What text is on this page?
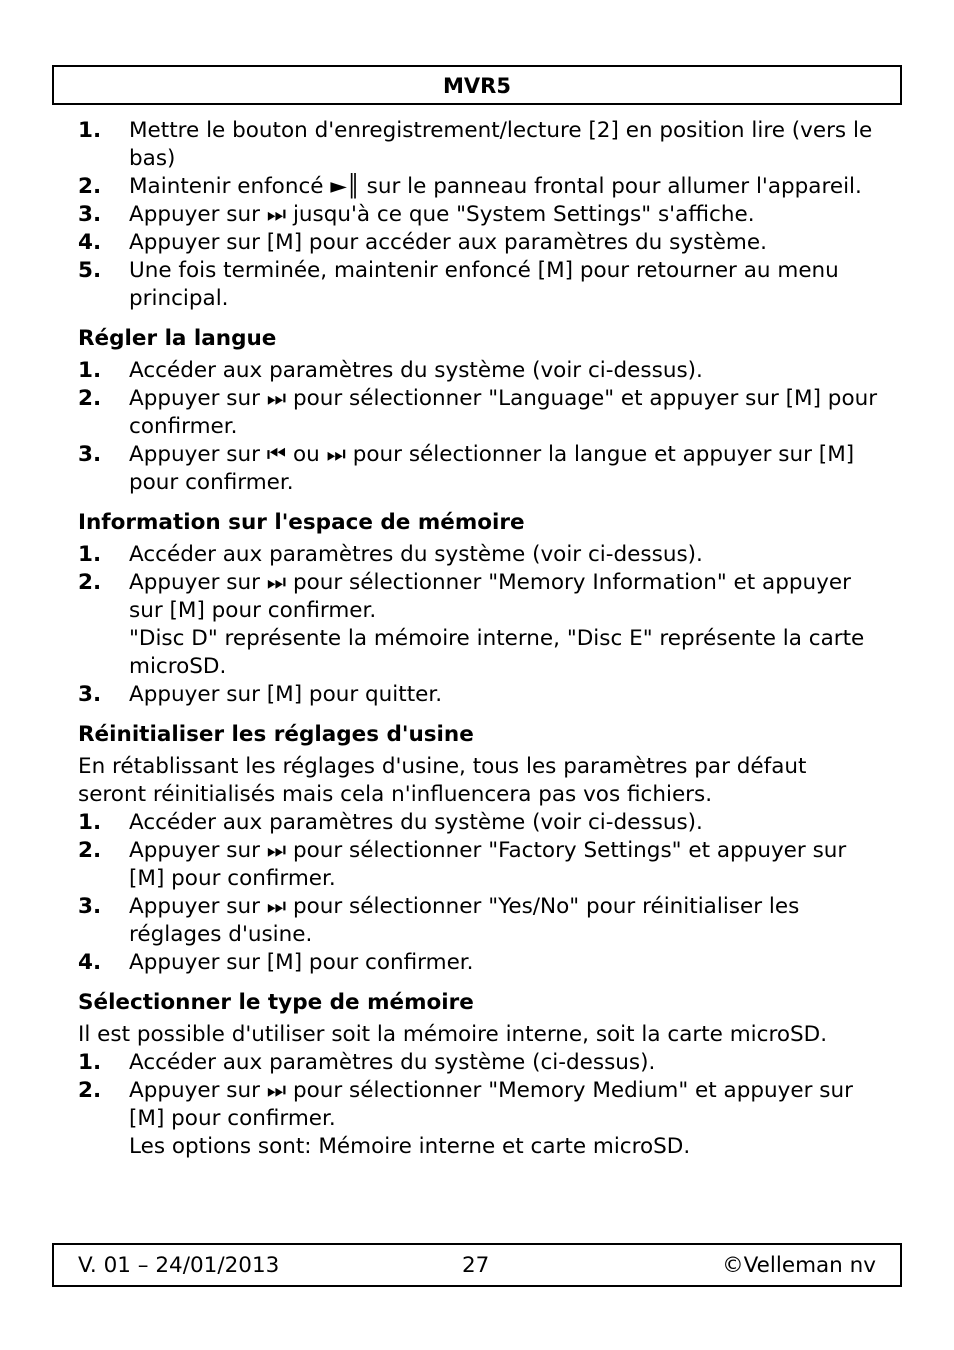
MVR5
1.	Mettre le bouton d'enregistrement/lecture [2] en position lire (vers le bas)
2.	Maintenir enfoncé ►║ sur le panneau frontal pour allumer l'appareil.
3.	Appuyer sur ⏭ jusqu'à ce que "System Settings" s'affiche.
4.	Appuyer sur [M] pour accéder aux paramètres du système.
5.	Une fois terminée, maintenir enfoncé [M] pour retourner au menu principal.
Régler la langue
1.	Accéder aux paramètres du système (voir ci-dessus).
2.	Appuyer sur ⏭ pour sélectionner "Language" et appuyer sur [M] pour confirmer.
3.	Appuyer sur ⏮ ou ⏭ pour sélectionner la langue et appuyer sur [M] pour confirmer.
Information sur l'espace de mémoire
1.	Accéder aux paramètres du système (voir ci-dessus).
2.	Appuyer sur ⏭ pour sélectionner "Memory Information" et appuyer sur [M] pour confirmer.
"Disc D" représente la mémoire interne, "Disc E" représente la carte microSD.
3.	Appuyer sur [M] pour quitter.
Réinitialiser les réglages d'usine

En rétablissant les réglages d'usine, tous les paramètres par défaut seront réinitialisés mais cela n'influencera pas vos fichiers.

1.	Accéder aux paramètres du système (voir ci-dessus).
2.	Appuyer sur ⏭ pour sélectionner "Factory Settings" et appuyer sur [M] pour confirmer.
3.	Appuyer sur ⏭ pour sélectionner "Yes/No" pour réinitialiser les réglages d'usine.
4.	Appuyer sur [M] pour confirmer.
Sélectionner le type de mémoire

Il est possible d'utiliser soit la mémoire interne, soit la carte microSD.

1.	Accéder aux paramètres du système (ci-dessus).
2.	Appuyer sur ⏭ pour sélectionner "Memory Medium" et appuyer sur [M] pour confirmer.
Les options sont: Mémoire interne et carte microSD.
V. 01 – 24/01/2013	27	©Velleman nv
